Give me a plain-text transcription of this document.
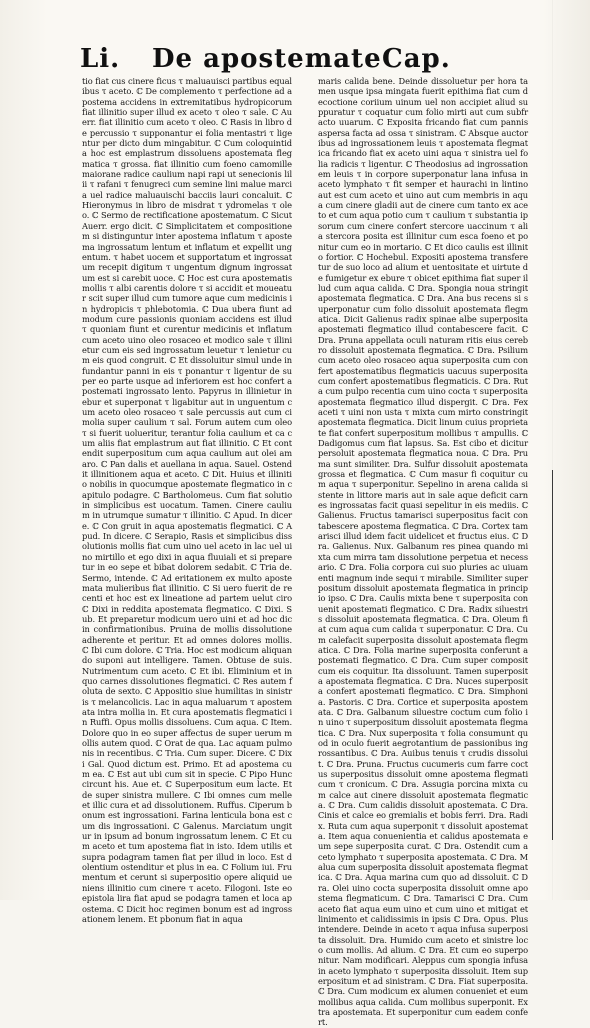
Li. De apostemate Cap.
tio fiat cus cinere ficus τ maluauisci partibus equalibus τ aceto. ℂ De complemento τ perfectione ad apostema accidens in extremitatibus hydropicorum fiat illinitio super illud ex aceto τ oleo τ sale. ℂ Auerr. fiat illinitio cum aceto τ oleo. ℂ Rasis in libro de percussio τ supponantur ei folia mentastri τ ligentur per dicto dum mingabitur. ℂ Cum coloquintida hoc est emplastrum dissoluens apostemata flegmatica τ grossa. fiat illinitio cum foeno camomille maiorane radice caulium napi rapi ut senecionis lilii τ rafani τ fenugreci cum semine lini malue marcia uel radice maluauischi bacciis lauri concaluit. ℂ Hieronymus in libro de misdrat τ ydromelas τ oleo. ℂ Sermo de rectificatione apostematum. ℂ Sicut Auerr. ergo dicit. ℂ Simplicitatem et compositionem si distinguntur inter apostema inflatum τ apostema ingrossatum lentum et inflatum et expellit ungentum. τ habet uocem et supportatum et ingrossatum recepit digitum τ ungentum dignum ingrossatum est si carebit uoce. ℂ Hoc est cura apostematis mollis τ albi carentis dolore τ si accidit et moueatur scit super illud cum tumore aque cum medicinis in hydropicis τ phlebotomia. ℂ Dua ubera fiunt ad modum cure passionis quoniam accidens est illud τ quoniam fiunt et curentur medicinis et inflatum cum aceto uino oleo rosaceo et modico sale τ illinietur cum eis sed ingrossatum leuetur τ lenietur cum eis quod congruit. ℂ Et dissoluitur simul unde infundantur panni in eis τ ponantur τ ligentur de super eo parte usque ad inferiorem est hoc confert apostemati ingrossato lento. Papyrus in illinietur in ebur et superponat τ ligabitur aut in unguentum cum aceto oleo rosaceo τ sale percussis aut cum cimolia super caulium τ sal. Forum autem cum oleo τ si fuerit uolueritur, terantur folia caulium et ca cum aliis fiat emplastrum aut fiat illinitio. ℂ Et contendit superpositum cum aqua caulium aut olei amaro. ℂ Pan dalis et auellana in aqua. Sauel. Ostendit illinitionem aqua et aceto. ℂ Dit. Huius et illinitio nobilis in quocumque apostemate flegmatico in capitulo podagre. ℂ Bartholomeus. Cum fiat solutio in simplicibus est uocatum. Tamen. Cinere caulium in utrumque sumatur τ illinitio. ℂ Apud. In dicere. ℂ Con gruit in aqua apostematis flegmatici. ℂ Apud. In dicere. ℂ Serapio, Rasis et simplicibus dissolutionis mollis fiat cum uino uel aceto in lac uel uino mirtillo et ego dixi in aqua fluuiali et si preparetur in eo sepe et bibat dolorem sedabit. ℂ Tria de. Sermo, intende. ℂ Ad eritationem ex multo apostemata mulieribus fiat illinitio. ℂ Si uero fuerit de recenti et hoc est ex lineatione ad partem uelut ciro ℂ Dixi in reddita apostemata flegmatico. ℂ Dixi. Sub. Et preparetur modicum uero uini et ad hoc dic in confirmationibus. Pruina de mollis dissolutione adherente et peritur. Et ad omnes dolores mollis. ℂ Ibi cum dolore. ℂ Tria. Hoc est modicum aliquando suponi aut intelligere. Tamen. Obtuse de suis. Nutrimentum cum aceto. ℂ Et ibi. Eliminium et in quo carnes dissolutiones flegmatici. ℂ Res autem foluta de sexto. ℂ Appositio siue humilitas in sinistris τ melancolicis. Lac in aqua maluarum τ apostemata intra mollia in. Et cura apostematis flegmatici in Ruffi. Opus mollis dissoluens. Cum aqua. ℂ Item. Dolore quo in eo super affectus de super uerum mollis autem quod. ℂ Orat de qua. Lac aquam pulmonis in recentibus. ℂ Tria. Cum super. Dicere. ℂ Dixi Gal. Quod dictum est. Primo. Et ad apostema cum ea. ℂ Est aut ubi cum sit in specie. ℂ Pipo Hunc circunt his. Aue et. ℂ Superpositum eum lacte. Et de super sinistra mullere. ℂ Ibi omnes cum melle et illic cura et ad dissolutionem. Ruffus. Ciperum bonum est ingrossationi. Farina lenticula bona est cum dis ingrossationi. ℂ Galenus. Marciatum ungitur in ipsum ad bonum ingrossatum lenem. ℂ Et cum aceto et tum apostema fiat in isto. Idem utilis et supra podagram tamen fiat per illud in loco. Est dolentium ostenditur et plus in ea. ℂ Folium iui. Frumentum et cerunt si superpositio opere aliquid ueniens illinitio cum cinere τ aceto. Filogoni. Iste eo epistola lira fiat apud se podagra tamen et loca apostema. ℂ Dicit hoc regimen bonum est ad ingrossationem lenem. Et pbonum fiat in aqua
maris calida bene. Deinde dissoluetur per hora tamen usque ipsa mingata fuerit epithima fiat cum decoctione coriium uinum uel non accipiet aliud suppuratur τ coquatur cum folio mirti aut cum subfracto uuarum. ℂ Exposita fricando fiat cum pannis aspersa facta ad ossa τ sinistram. ℂ Absque auctoribus ad ingrossationem leuis τ apostemata flegmatica fricando fiat ex aceto uini aqua τ sinistra uel folia radicis τ ligentur. ℂ Theodosius ad ingrossationem leuis τ in corpore superponatur lana infusa in aceto lymphato τ fit semper et haurachi in lintino aut est cum aceto et uino aut cum membris in aqua cum cinere gladii aut de cinere cum tanto ex aceto et cum aqua potio cum τ caulium τ substantia ipsorum cum cinere confert stercore uaccinum τ alia stercora posita est illinitur cum esca foeno et ponitur cum eo in mortario. ℂ Et dico caulis est illinito fortior. ℂ Hochebul. Expositi apostema transferetur de suo loco ad alium et uentositate et uirtute de fumigetur ex ebure τ obicet epithima fiat super illud cum aqua calida. ℂ Dra. Spongia noua stringit apostemata flegmatica. ℂ Dra. Ana bus recens si superponatur cum folio dissoluit apostemata flegmatica. Dicit Galienus radix spinae albe superposita apostemati flegmatico illud contabescere facit. ℂ Dra. Pruna appellata oculi naturam ritis eius cerebro dissoluit apostemata flegmatica. ℂ Dra. Psilium cum aceto oleo rosaceo aqua superposita cum confert apostematibus flegmaticis uacuus superposita cum confert apostematibus flegmaticis. ℂ Dra. Ruta cum pulpo recentia cum uino cocta τ superposita apostemata flegmatico illud dispergit. ℂ Dra. Fex aceti τ uini non usta τ mixta cum mirto constringit apostemata flegmatica. Dicit linum cuius proprietate fiat confert superpositum mollibus τ ampullis. ℂ Dadigomus cum fiat lapsus. Sa. Est cibo et dicitur persoluit apostemata flegmatica noua. ℂ Dra. Pruma sunt similiter. Dra. Sulfur dissoluit apostemata grossa et flegmatica. ℂ Cum masur fi coquitur cum aqua τ superponitur. Sepelino in arena calida sistente in littore maris aut in sale aque deficit carnes ingrossatas facit quasi sepelitur in eis mediis. ℂ Galienus. Fructus tamarisci superpositus facit contabescere apostema flegmatica. ℂ Dra. Cortex tamarisci illud idem facit uidelicet et fructus eius. ℂ Dra. Galienus. Nux. Galbanum res pinea quando mixta cum mirra tam dissolutione perpetua et necessario. ℂ Dra. Folia corpora cui suo pluries ac uiuamenti magnum inde sequi τ mirabile. Similiter superpositum dissoluit apostemata flegmatica in principio ipso. ℂ Dra. Caulis mixta bene τ superposita conuenit apostemati flegmatico. ℂ Dra. Radix siluestris dissoluit apostemata flegmatica. ℂ Dra. Oleum fiat cum aqua cum calida τ superponatur. ℂ Dra. Cum calefacit superposita dissoluit apostemata flegmatica. ℂ Dra. Folia marine superposita conferunt apostemati flegmatico. ℂ Dra. Cum super composit cum eis coquitur. Ita dissoluunt. Tamen superposita apostemata flegmatica. ℂ Dra. Nuces superposita confert apostemati flegmatico. ℂ Dra. Simphonia. Pastoris. ℂ Dra. Cortice et superposita apostemata. ℂ Dra. Galbanum siluestre coctum cum folio in uino τ superpositum dissoluit apostemata flegmatica. ℂ Dra. Nux superposita τ folia consumunt quod in oculo fuerit aegrotantium de passionibus ingrossantibus. ℂ Dra. Auibus tenuis τ crudis dissoluit. ℂ Dra. Pruna. Fructus cucumeris cum farre coctus superpositus dissoluit omne apostema flegmaticum τ cronicum. ℂ Dra. Assugia porcina mixta cum calce aut cinere dissoluit apostemata flegmatica. ℂ Dra. Cum calidis dissoluit apostemata. ℂ Dra. Cinis et calce eo gremialis et bobis ferri. Dra. Radix. Ruta cum aqua superponit τ dissoluit apostemata. Item aqua conuenientia et calidus apostemata eum sepe superposita curat. ℂ Dra. Ostendit cum aceto lymphato τ superposita apostemata. ℂ Dra. Malua cum superposita dissoluit apostemata flegmatica. ℂ Dra. Aqua marina cum quo ad dissoluit. ℂ Dra. Olei uino cocta superposita dissoluit omne apostema flegmaticum. ℂ Dra. Tamarisci ℂ Dra. Cum aceto fiat aqua eum uino et cum uino et mitigat et linimento et calidissimis in ipsis ℂ Dra. Opus. Plus intendere. Deinde in aceto τ aqua infusa superposita dissoluit. Dra. Humido cum aceto et sinistre loco cum mollis. Ad alium. ℂ Dra. Et cum eo superponitur. Nam modificari. Aleppus cum spongia infusa in aceto lymphato τ superposita dissoluit. Item superpositum et ad sinistram. ℂ Dra. Fiat superposita. ℂ Dra. Cum modicum ex alumen conueniet et eum mollibus aqua calida. Cum mollibus superponit. Extra apostemata. Et superponitur cum eadem confert.
